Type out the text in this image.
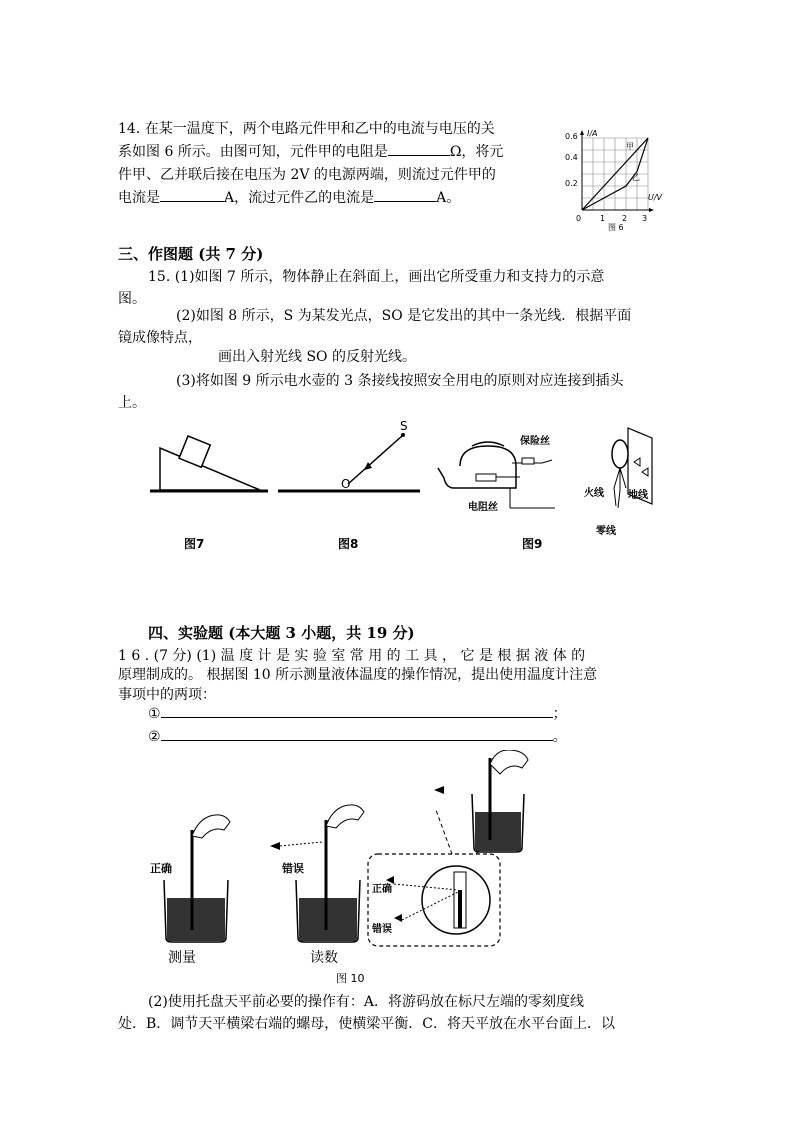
14. 在某一温度下，两个电路元件甲和乙中的电流与电压的关
系如图 6 所示。由图可知，元件甲的电阻是	Ω，将元
件甲、乙并联后接在电压为 2V 的电源两端，则流过元件甲的
电流是	A，流过元件乙的电流是	A。
I/A
U/V
0.6
0.4
0.2
0 1 2 3
甲
乙
图 6
三、作图题 (共 7 分)
15. (1)如图 7 所示，物体静止在斜面上，画出它所受重力和支持力的示意
图。
(2)如图 8 所示，S 为某发光点，SO 是它发出的其中一条光线．根据平面
镜成像特点，
画出入射光线 SO 的反射光线。
(3)将如图 9 所示电水壶的 3 条接线按照安全用电的原则对应连接到插头
上。
图7
S
O
图8
保险丝
电阻丝
图9
火线 地线
零线
四、实验题 (本大题 3 小题，共 19 分)
1 6 . (7 分) (1) 温 度 计 是 实 验 室 常 用 的 工 具 ， 它 是 根 据 液 体 的
原理制成的。 根据图 10 所示测量液体温度的操作情况，提出使用温度计注意
事项中的两项：
①	；
②	。
正确
测量
错误
读数
正确
错误
图 10
(2)使用托盘天平前必要的操作有：A．将游码放在标尺左端的零刻度线
处．B．调节天平横梁右端的螺母，使横梁平衡．C．将天平放在水平台面上．以
